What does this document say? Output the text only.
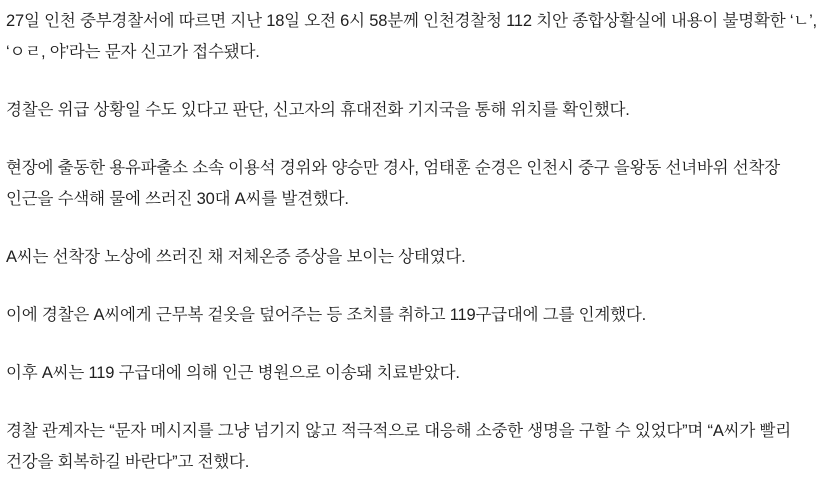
27일 인천 중부경찰서에 따르면 지난 18일 오전 6시 58분께 인천경찰청 112 치안 종합상활실에 내용이 불명확한 ‘ㄴ’, ‘ㅇㄹ, 야’라는 문자 신고가 접수됐다.

경찰은 위급 상황일 수도 있다고 판단, 신고자의 휴대전화 기지국을 통해 위치를 확인했다.

현장에 출동한 용유파출소 소속 이용석 경위와 양승만 경사, 엄태훈 순경은 인천시 중구 을왕동 선녀바위 선착장 인근을 수색해 물에 쓰러진 30대 A씨를 발견했다.

A씨는 선착장 노상에 쓰러진 채 저체온증 증상을 보이는 상태였다.

이에 경찰은 A씨에게 근무복 겉옷을 덮어주는 등 조치를 취하고 119구급대에 그를 인계했다.

이후 A씨는 119 구급대에 의해 인근 병원으로 이송돼 치료받았다.

경찰 관계자는 “문자 메시지를 그냥 넘기지 않고 적극적으로 대응해 소중한 생명을 구할 수 있었다”며 “A씨가 빨리 건강을 회복하길 바란다”고 전했다.
